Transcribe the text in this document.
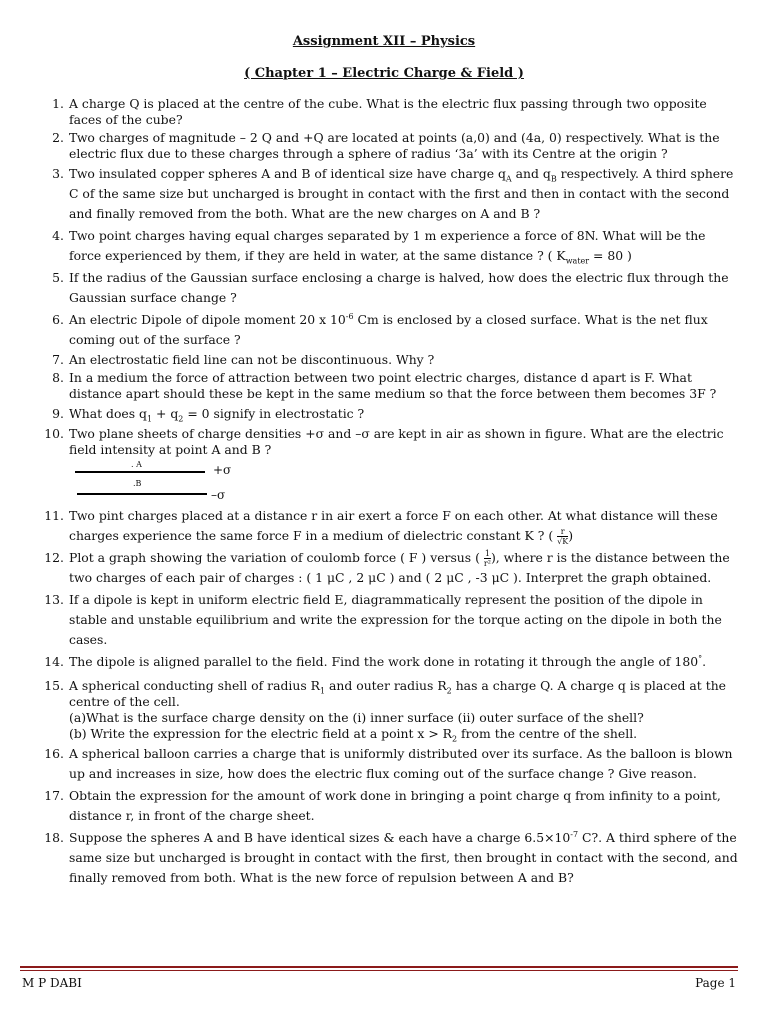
Assignment XII – Physics
( Chapter 1 – Electric Charge & Field )
1. A charge Q is placed at the centre of the cube. What is the electric flux passing through two opposite faces of the cube?
2. Two charges of magnitude – 2 Q and +Q are located at points (a,0) and (4a, 0) respectively. What is the electric flux due to these charges through a sphere of radius ‘3a’ with its Centre at the origin ?
3. Two insulated copper spheres A and B of identical size have charge $q_A$ and $q_B$ respectively. A third sphere C of the same size but uncharged is brought in contact with the first and then in contact with the second and finally removed from the both. What are the new charges on A and B ?
4. Two point charges having equal charges separated by 1 m experience a force of 8N. What will be the force experienced by them, if they are held in water, at the same distance ? ( $K_{water} = 80$ )
5. If the radius of the Gaussian surface enclosing a charge is halved, how does the electric flux through the Gaussian surface change ?
6. An electric Dipole of dipole moment 20 x $10^{-6}$ Cm is enclosed by a closed surface. What is the net flux coming out of the surface ?
7. An electrostatic field line can not be discontinuous. Why ?
8. In a medium the force of attraction between two point electric charges, distance d apart is F. What distance apart should these be kept in the same medium so that the force between them becomes 3F ?
9. What does $q_1 + q_2 = 0$ signify in electrostatic ?
10. Two plane sheets of charge densities +σ and –σ are kept in air as shown in figure. What are the electric field intensity at point A and B ?
. A	+σ
.B
–σ
11. Two pint charges placed at a distance r in air exert a force F on each other. At what distance will these charges experience the same force F in a medium of dielectric constant K ? ( $\frac{r}{√K}$ )
12. Plot a graph showing the variation of coulomb force ( F ) versus ( $\frac{1}{\text{r²}}$ ), where r is the distance between the two charges of each pair of charges : ( 1 μC , 2 μC ) and ( 2 μC , -3 μC ). Interpret the graph obtained.
13. If a dipole is kept in uniform electric field E, diagrammatically represent the position of the dipole in stable and unstable equilibrium and write the expression for the torque acting on the dipole in both the cases.
14. The dipole is aligned parallel to the field. Find the work done in rotating it through the angle of 180°.
15. A spherical conducting shell of radius $R_1$ and outer radius $R_2$ has a charge Q. A charge q is placed at the centre of the cell.
(a)What is the surface charge density on the (i) inner surface (ii) outer surface of the shell?
(b) Write the expression for the electric field at a point $x > R_2$ from the centre of the shell.
16. A spherical balloon carries a charge that is uniformly distributed over its surface. As the balloon is blown up and increases in size, how does the electric flux coming out of the surface change ? Give reason.
17. Obtain the expression for the amount of work done in bringing a point charge q from infinity to a point, distance r, in front of the charge sheet.
18. Suppose the spheres A and B have identical sizes & each have a charge $6.5\times 10^{-7}$ C?. A third sphere of the same size but uncharged is brought in contact with the first, then brought in contact with the second, and finally removed from both. What is the new force of repulsion between A and B?
M P DABI	Page 1
